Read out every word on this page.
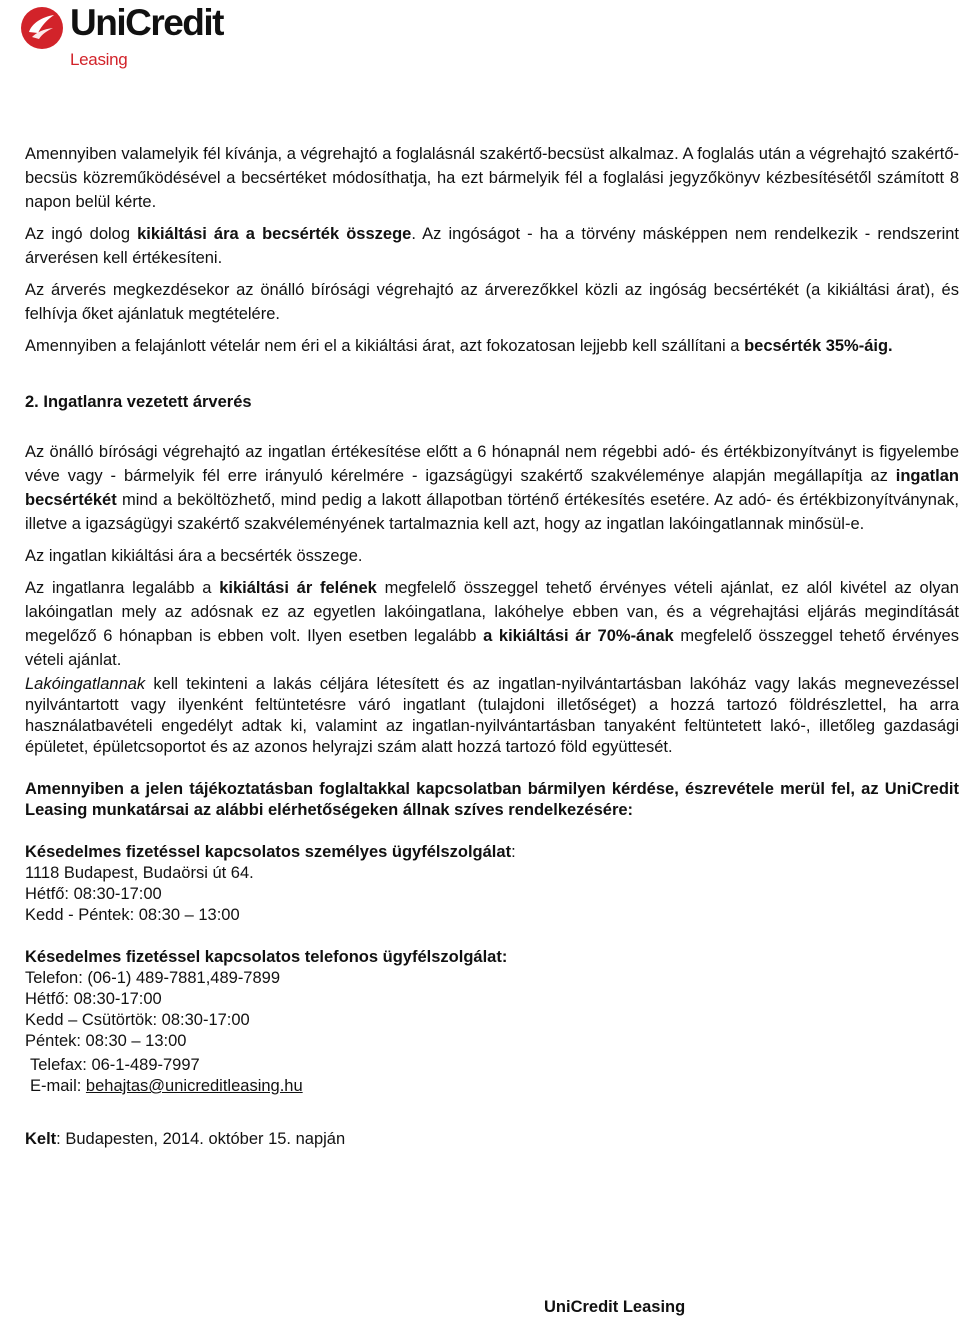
UniCredit
Leasing

Amennyiben valamelyik fél kívánja, a végrehajtó a foglalásnál szakértő-becsüst alkalmaz. A foglalás után a végrehajtó szakértő-becsüs közreműködésével a becsértéket módosíthatja, ha ezt bármelyik fél a foglalási jegyzőkönyv kézbesítésétől számított 8 napon belül kérte.

Az ingó dolog kikiáltási ára a becsérték összege. Az ingóságot - ha a törvény másképpen nem rendelkezik - rendszerint árverésen kell értékesíteni.

Az árverés megkezdésekor az önálló bírósági végrehajtó az árverezőkkel közli az ingóság becsértékét (a kikiáltási árat), és felhívja őket ajánlatuk megtételére.

Amennyiben a felajánlott vételár nem éri el a kikiáltási árat, azt fokozatosan lejjebb kell szállítani a becsérték 35%-áig.

2. Ingatlanra vezetett árverés

Az önálló bírósági végrehajtó az ingatlan értékesítése előtt a 6 hónapnál nem régebbi adó- és értékbizonyítványt is figyelembe véve vagy - bármelyik fél erre irányuló kérelmére - igazságügyi szakértő szakvéleménye alapján megállapítja az ingatlan becsértékét mind a beköltözhető, mind pedig a lakott állapotban történő értékesítés esetére. Az adó- és értékbizonyítványnak, illetve a igazságügyi szakértő szakvéleményének tartalmaznia kell azt, hogy az ingatlan lakóingatlannak minősül-e.

Az ingatlan kikiáltási ára a becsérték összege.

Az ingatlanra legalább a kikiáltási ár felének megfelelő összeggel tehető érvényes vételi ajánlat, ez alól kivétel az olyan lakóingatlan mely az adósnak ez az egyetlen lakóingatlana, lakóhelye ebben van, és a végrehajtási eljárás megindítását megelőző 6 hónapban is ebben volt. Ilyen esetben legalább a kikiáltási ár 70%-ának megfelelő összeggel tehető érvényes vételi ajánlat.

Lakóingatlannak kell tekinteni a lakás céljára létesített és az ingatlan-nyilvántartásban lakóház vagy lakás megnevezéssel nyilvántartott vagy ilyenként feltüntetésre váró ingatlant (tulajdoni illetőséget) a hozzá tartozó földrészlettel, ha arra használatbavételi engedélyt adtak ki, valamint az ingatlan-nyilvántartásban tanyaként feltüntetett lakó-, illetőleg gazdasági épületet, épületcsoportot és az azonos helyrajzi szám alatt hozzá tartozó föld együttesét.

Amennyiben a jelen tájékoztatásban foglaltakkal kapcsolatban bármilyen kérdése, észrevétele merül fel, az UniCredit Leasing munkatársai az alábbi elérhetőségeken állnak szíves rendelkezésére:

Késedelmes fizetéssel kapcsolatos személyes ügyfélszolgálat:
1118 Budapest, Budaörsi út 64.
Hétfő: 08:30-17:00
Kedd - Péntek: 08:30 – 13:00
Késedelmes fizetéssel kapcsolatos telefonos ügyfélszolgálat:
Telefon: (06-1) 489-7881,489-7899
Hétfő: 08:30-17:00
Kedd – Csütörtök: 08:30-17:00
Péntek: 08:30 – 13:00
Telefax: 06-1-489-7997
E-mail: behajtas@unicreditleasing.hu
Kelt: Budapesten, 2014. október 15. napján
UniCredit Leasing
